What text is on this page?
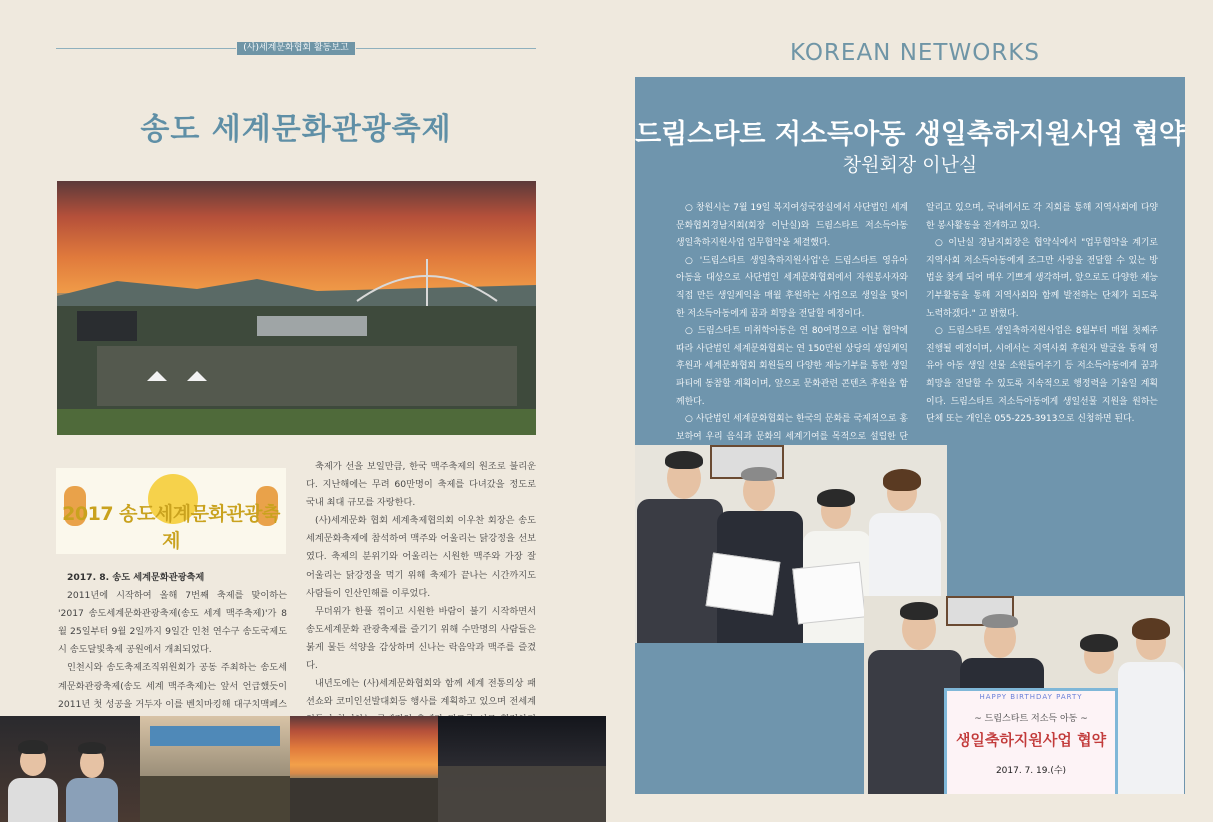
(사)세계문화협회 활동보고
송도 세계문화관광축제
2017 송도세계문화관광축제

2017. 8. 송도 세계문화관광축제

2011년에 시작하여 올해 7번째 축제를 맞이하는 '2017 송도세계문화관광축제(송도 세계 맥주축제)'가 8월 25일부터 9월 2일까지 9일간 인천 연수구 송도국제도시 송도달빛축제 공원에서 개최되었다.

인천시와 송도축제조직위원회가 공동 주최하는 송도세계문화관광축제(송도 세계 맥주축제)는 앞서 언급했듯이 2011년 첫 성공을 거두자 이를 벤치마킹해 대구치맥페스

축제가 선을 보일만큼, 한국 맥주축제의 원조로 불리운다. 지난해에는 무려 60만명이 축제를 다녀갔을 정도로 국내 최대 규모를 자랑한다.

(사)세계문화 협회 세계축제협의회 이우찬 회장은 송도세계문화축제에 참석하여 맥주와 어울리는 닭강정을 선보였다. 축제의 분위기와 어울리는 시원한 맥주와 가장 잘 어울리는 닭강정을 먹기 위해 축제가 끝나는 시간까지도 사람들이 인산인해를 이루었다.

무더위가 한풀 꺾이고 시원한 바람이 불기 시작하면서 송도세계문화 관광축제를 즐기기 위해 수만명의 사람들은 붉게 물든 석양을 감상하며 신나는 락음악과 맥주를 즐겼다.

내년도에는 (사)세계문화협회와 함께 세계 전통의상 패션쇼와 코미인선발대회등 행사를 계획하고 있으며 전세계

KOREAN NETWORKS
드림스타트 저소득아동 생일축하지원사업 협약
창원회장 이난실

○ 창원시는 7월 19일 복지여성국장실에서 사단법인 세계문화협회경남지회(회장 이난실)와 드림스타트 저소득아동 생일축하지원사업 업무협약을 체결했다.

○ '드림스타트 생일축하지원사업'은 드림스타트 영유아 아동을 대상으로 사단법인 세계문화협회에서 자원봉사자와 직접 만든 생일케익을 매월 후원하는 사업으로 생일을 맞이한 저소득아동에게 꿈과 희망을 전달할 예정이다.

○ 드림스타트 미취학아동은 연 80여명으로 이날 협약에 따라 사단법인 세계문화협회는 연 150만원 상당의 생일케익 후원과 세계문화협회 회원들의 다양한 재능기부를 통한 생일파티에 동참할 계획이며, 앞으로 문화관련 콘텐츠 후원을 함께한다.

○ 사단법인 세계문화협회는 한국의 문화를 국제적으로 홍보하여 우리 음식과 문화의 세계기여를 목적으로 설립한 단

알리고 있으며, 국내에서도 각 지회를 통해 지역사회에 다양한 봉사활동을 전개하고 있다.

○ 이난실 경남지회장은 협약식에서 "업무협약을 계기로 지역사회 저소득아동에게 조그만 사랑을 전달할 수 있는 방법을 찾게 되어 매우 기쁘게 생각하며, 앞으로도 다양한 재능기부활동을 통해 지역사회와 함께 발전하는 단체가 되도록 노력하겠다." 고 밝혔다.

○ 드림스타트 생일축하지원사업은 8월부터 매월 첫째주 진행될 예정이며, 시에서는 지역사회 후원자 발굴을 통해 영유아 아동 생일 선물 소원들어주기 등 저소득아동에게 꿈과 희망을 전달할 수 있도록 지속적으로 행정력을 기울일 계획이다. 드림스타트 저소득아동에게 생일선물 지원을 원하는 단체 또는 개인은 055-225-3913으로 신청하면 된다.

HAPPY BIRTHDAY PARTY
~ 드림스타트 저소득 아동 ~
생일축하지원사업 협약
2017. 7. 19.(수)
